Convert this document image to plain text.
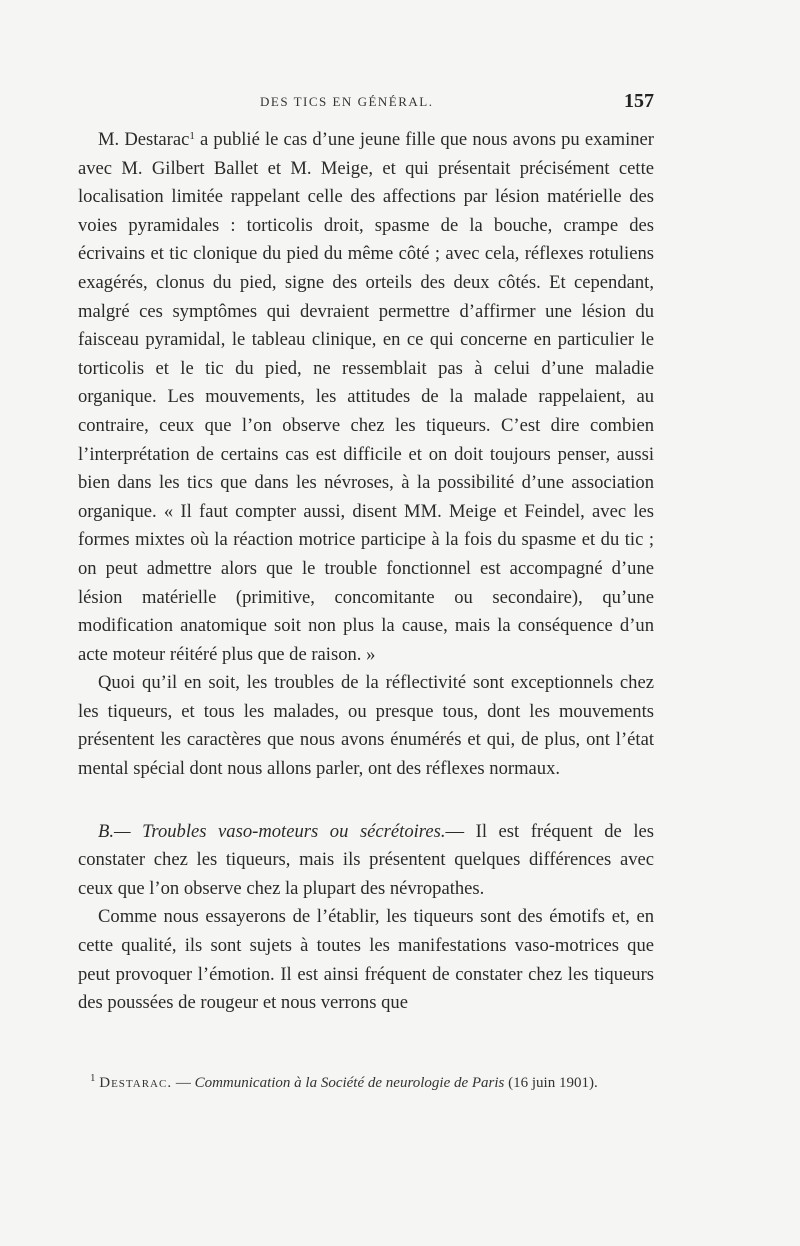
DES TICS EN GÉNÉRAL.	157

M. Destarac$^1$ a publié le cas d’une jeune fille que nous avons pu examiner avec M. Gilbert Ballet et M. Meige, et qui présentait précisément cette localisation limitée rappelant celle des affections par lésion matérielle des voies pyramidales : torticolis droit, spasme de la bouche, crampe des écrivains et tic clonique du pied du même côté ; avec cela, réflexes rotuliens exagérés, clonus du pied, signe des orteils des deux côtés. Et cependant, malgré ces symptômes qui devraient permettre d’affirmer une lésion du faisceau pyramidal, le tableau clinique, en ce qui concerne en particulier le torticolis et le tic du pied, ne ressemblait pas à celui d’une maladie organique. Les mouvements, les attitudes de la malade rappelaient, au contraire, ceux que l’on observe chez les tiqueurs. C’est dire combien l’interprétation de certains cas est difficile et on doit toujours penser, aussi bien dans les tics que dans les névroses, à la possibilité d’une association organique. « Il faut compter aussi, disent MM. Meige et Feindel, avec les formes mixtes où la réaction motrice participe à la fois du spasme et du tic ; on peut admettre alors que le trouble fonctionnel est accompagné d’une lésion matérielle (primitive, concomitante ou secondaire), qu’une modification anatomique soit non plus la cause, mais la conséquence d’un acte moteur réitéré plus que de raison. »

Quoi qu’il en soit, les troubles de la réflectivité sont exceptionnels chez les tiqueurs, et tous les malades, ou presque tous, dont les mouvements présentent les caractères que nous avons énumérés et qui, de plus, ont l’état mental spécial dont nous allons parler, ont des réflexes normaux.

B.— Troubles vaso-moteurs ou sécrétoires.— Il est fréquent de les constater chez les tiqueurs, mais ils présentent quelques différences avec ceux que l’on observe chez la plupart des névropathes.

Comme nous essayerons de l’établir, les tiqueurs sont des émotifs et, en cette qualité, ils sont sujets à toutes les manifestations vaso-motrices que peut provoquer l’émotion. Il est ainsi fréquent de constater chez les tiqueurs des poussées de rougeur et nous verrons que

$^1$ Destarac. — Communication à la Société de neurologie de Paris (16 juin 1901).
